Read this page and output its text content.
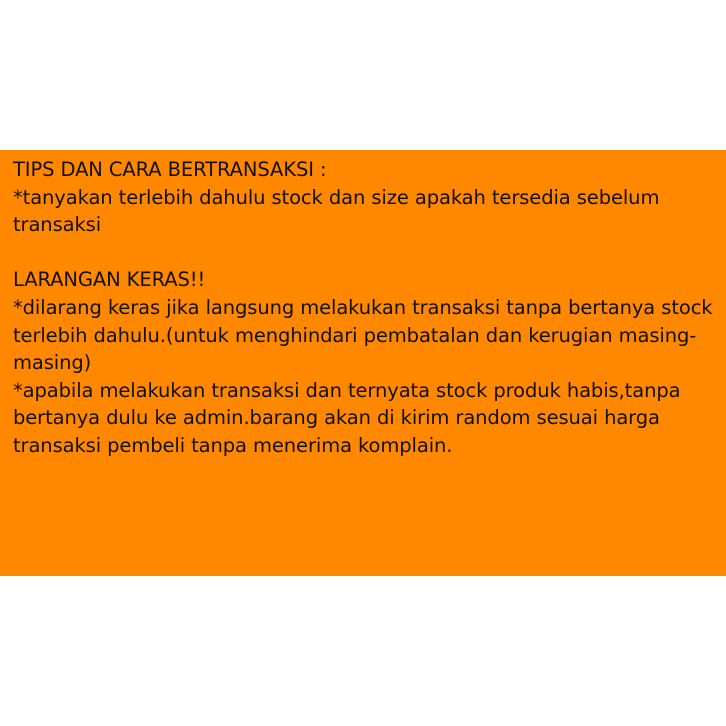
TIPS DAN CARA BERTRANSAKSI :
*tanyakan terlebih dahulu stock dan size apakah tersedia sebelum
transaksi
LARANGAN KERAS!!
*dilarang keras jika langsung melakukan transaksi tanpa bertanya stock
terlebih dahulu.(untuk menghindari pembatalan dan kerugian masing-
masing)
*apabila melakukan transaksi dan ternyata stock produk habis,tanpa
bertanya dulu ke admin.barang akan di kirim random sesuai harga
transaksi pembeli tanpa menerima komplain.
